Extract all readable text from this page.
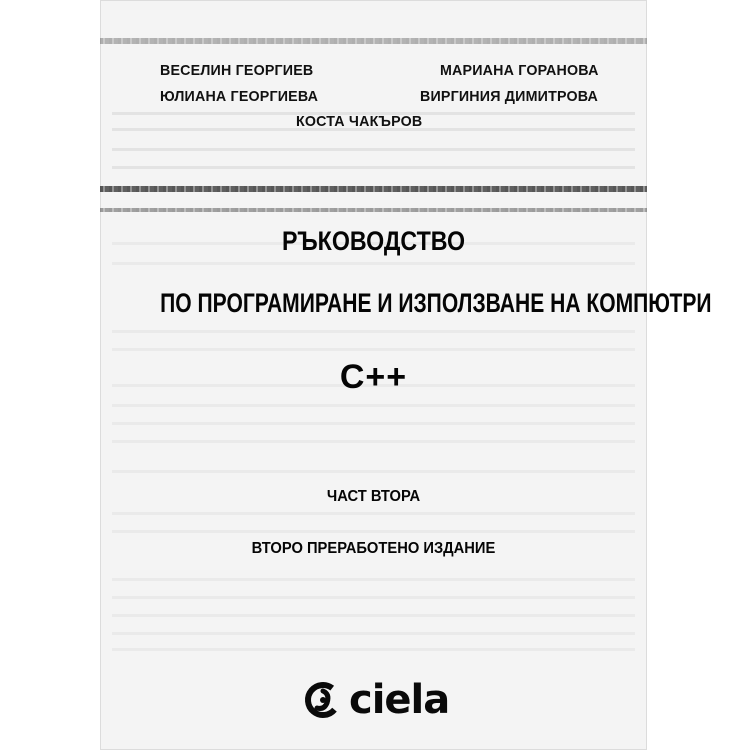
ВЕСЕЛИН ГЕОРГИЕВ	МАРИАНА ГОРАНОВА
ЮЛИАНА ГЕОРГИЕВА	ВИРГИНИЯ ДИМИТРОВА
КОСТА ЧАКЪРОВ
РЪКОВОДСТВО
ПО ПРОГРАМИРАНЕ И ИЗПОЛЗВАНЕ НА КОМПЮТРИ
С++
ЧАСТ ВТОРА
ВТОРО ПРЕРАБОТЕНО ИЗДАНИЕ
ciela
